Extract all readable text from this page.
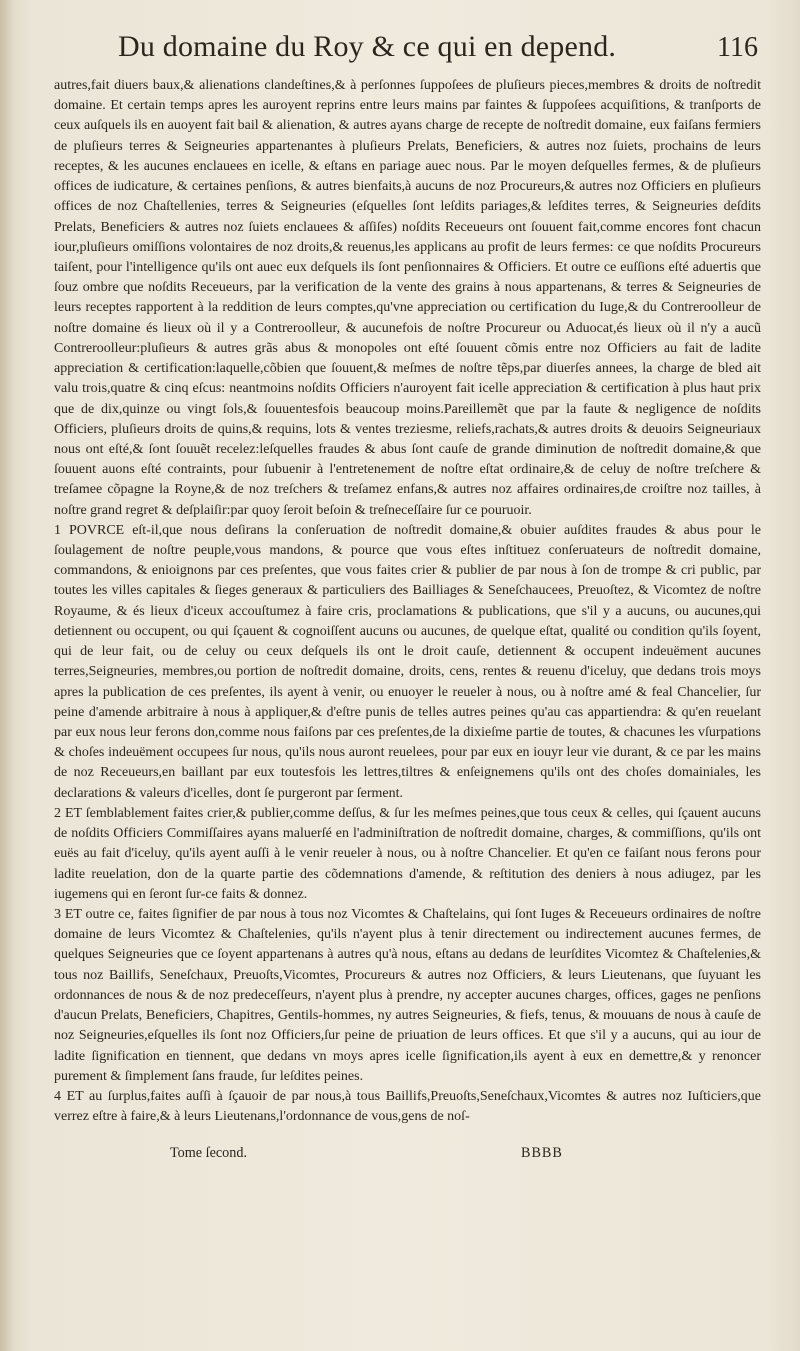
Du domaine du Roy & ce qui en depend.	116

autres,fait diuers baux,& alienations clandeſtines,& à perſonnes ſuppoſees de pluſieurs pieces,membres & droits de noſtredit domaine. Et certain temps apres les auroyent reprins entre leurs mains par faintes & ſuppoſees acquiſitions, & tranſports de ceux auſquels ils en auoyent fait bail & alienation, & autres ayans charge de recepte de noſtredit domaine, eux faiſans fermiers de pluſieurs terres & Seigneuries appartenantes à pluſieurs Prelats, Beneficiers, & autres noz ſuiets, prochains de leurs receptes, & les aucunes enclauees en icelle, & eſtans en pariage auec nous. Par le moyen deſquelles fermes, & de pluſieurs offices de iudicature, & certaines penſions, & autres bienfaits,à aucuns de noz Procureurs,& autres noz Officiers en pluſieurs offices de noz Chaſtellenies, terres & Seigneuries (eſquelles ſont leſdits pariages,& leſdites terres, & Seigneuries deſdits Prelats, Beneficiers & autres noz ſuiets enclauees & aſſiſes) noſdits Receueurs ont ſouuent fait,comme encores font chacun iour,pluſieurs omiſſions volontaires de noz droits,& reuenus,les applicans au profit de leurs fermes: ce que noſdits Procureurs taiſent, pour l'intelligence qu'ils ont auec eux deſquels ils ſont penſionnaires & Officiers. Et outre ce euſſions eſté aduertis que ſouz ombre que noſdits Receueurs, par la verification de la vente des grains à nous appartenans, & terres & Seigneuries de leurs receptes rapportent à la reddition de leurs comptes,qu'vne appreciation ou certification du Iuge,& du Contreroolleur de noſtre domaine és lieux où il y a Contreroolleur, & aucunefois de noſtre Procureur ou Aduocat,és lieux où il n'y a aucũ Contreroolleur:pluſieurs & autres grãs abus & monopoles ont eſté ſouuent cõmis entre noz Officiers au fait de ladite appreciation & certification:laquelle,cõbien que ſouuent,& meſmes de noſtre tẽps,par diuerſes annees, la charge de bled ait valu trois,quatre & cinq eſcus: neantmoins noſdits Officiers n'auroyent fait icelle appreciation & certification à plus haut prix que de dix,quinze ou vingt ſols,& ſouuentesfois beaucoup moins.Pareillemẽt que par la faute & negligence de noſdits Officiers, pluſieurs droits de quins,& requins, lots & ventes treziesme, reliefs,rachats,& autres droits & deuoirs Seigneuriaux nous ont eſté,& ſont ſouuẽt recelez:leſquelles fraudes & abus ſont cauſe de grande diminution de noſtredit domaine,& que ſouuent auons eſté contraints, pour ſubuenir à l'entretenement de noſtre eſtat ordinaire,& de celuy de noſtre treſchere & treſamee cõpagne la Royne,& de noz treſchers & treſamez enfans,& autres noz affaires ordinaires,de croiſtre noz tailles, à noſtre grand regret & deſplaiſir:par quoy ſeroit beſoin & treſneceſſaire ſur ce pouruoir.

1 POVRCE eſt-il,que nous deſirans la conſeruation de noſtredit domaine,& obuier auſdites fraudes & abus pour le ſoulagement de noſtre peuple,vous mandons, & pource que vous eſtes inſtituez conſeruateurs de noſtredit domaine, commandons, & enioignons par ces preſentes, que vous faites crier & publier de par nous à ſon de trompe & cri public, par toutes les villes capitales & ſieges generaux & particuliers des Bailliages & Seneſchaucees, Preuoſtez, & Vicomtez de noſtre Royaume, & és lieux d'iceux accouſtumez à faire cris, proclamations & publications, que s'il y a aucuns, ou aucunes,qui detiennent ou occupent, ou qui ſçauent & cognoiſſent aucuns ou aucunes, de quelque eſtat, qualité ou condition qu'ils ſoyent, qui de leur fait, ou de celuy ou ceux deſquels ils ont le droit cauſe, detiennent & occupent indeuëment aucunes terres,Seigneuries, membres,ou portion de noſtredit domaine, droits, cens, rentes & reuenu d'iceluy, que dedans trois moys apres la publication de ces preſentes, ils ayent à venir, ou enuoyer le reueler à nous, ou à noſtre amé & feal Chancelier, ſur peine d'amende arbitraire à nous à appliquer,& d'eſtre punis de telles autres peines qu'au cas appartiendra: & qu'en reuelant par eux nous leur ferons don,comme nous faiſons par ces preſentes,de la dixieſme partie de toutes, & chacunes les vſurpations & choſes indeuëment occupees ſur nous, qu'ils nous auront reuelees, pour par eux en iouyr leur vie durant, & ce par les mains de noz Receueurs,en baillant par eux toutesfois les lettres,tiltres & enſeignemens qu'ils ont des choſes domainiales, les declarations & valeurs d'icelles, dont ſe purgeront par ſerment.

2 ET ſemblablement faites crier,& publier,comme deſſus, & ſur les meſmes peines,que tous ceux & celles, qui ſçauent aucuns de noſdits Officiers Commiſſaires ayans maluerſé en l'adminiſtration de noſtredit domaine, charges, & commiſſions, qu'ils ont euës au fait d'iceluy, qu'ils ayent auſſi à le venir reueler à nous, ou à noſtre Chancelier. Et qu'en ce faiſant nous ferons pour ladite reuelation, don de la quarte partie des cõdemnations d'amende, & reſtitution des deniers à nous adiugez, par les iugemens qui en ſeront ſur-ce faits & donnez.

3 ET outre ce, faites ſignifier de par nous à tous noz Vicomtes & Chaſtelains, qui ſont Iuges & Receueurs ordinaires de noſtre domaine de leurs Vicomtez & Chaſtelenies, qu'ils n'ayent plus à tenir directement ou indirectement aucunes fermes, de quelques Seigneuries que ce ſoyent appartenans à autres qu'à nous, eſtans au dedans de leurſdites Vicomtez & Chaſtelenies,& tous noz Baillifs, Seneſchaux, Preuoſts,Vicomtes, Procureurs & autres noz Officiers, & leurs Lieutenans, que ſuyuant les ordonnances de nous & de noz predeceſſeurs, n'ayent plus à prendre, ny accepter aucunes charges, offices, gages ne penſions d'aucun Prelats, Beneficiers, Chapitres, Gentils-hommes, ny autres Seigneuries, & fiefs, tenus, & mouuans de nous à cauſe de noz Seigneuries,eſquelles ils ſont noz Officiers,ſur peine de priuation de leurs offices. Et que s'il y a aucuns, qui au iour de ladite ſignification en tiennent, que dedans vn moys apres icelle ſignification,ils ayent à eux en demettre,& y renoncer purement & ſimplement ſans fraude, ſur leſdites peines.

4 ET au ſurplus,faites auſſi à ſçauoir de par nous,à tous Baillifs,Preuoſts,Seneſchaux,Vicomtes & autres noz Iuſticiers,que verrez eſtre à faire,& à leurs Lieutenans,l'ordonnance de vous,gens de noſ-

Tome ſecond.	BBBB
